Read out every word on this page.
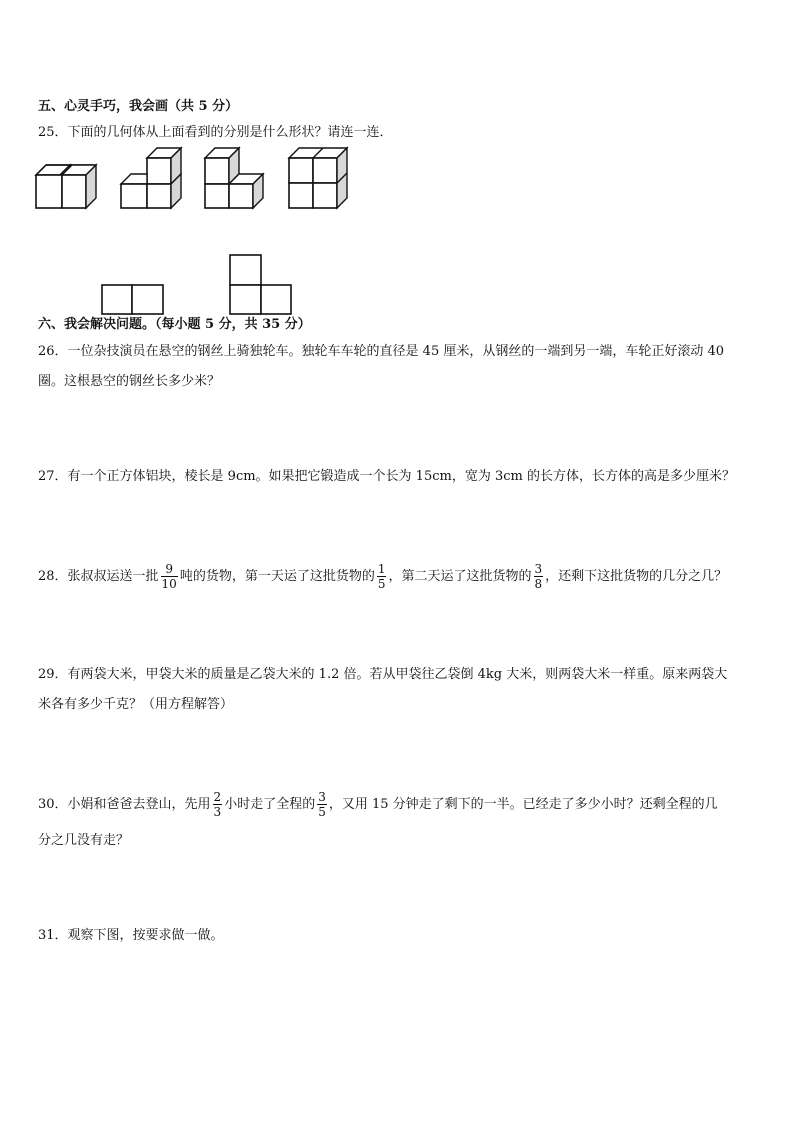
五、心灵手巧，我会画（共 5 分）
25．下面的几何体从上面看到的分别是什么形状？请连一连．
六、我会解决问题。（每小题 5 分，共 35 分）
26．一位杂技演员在悬空的钢丝上骑独轮车。独轮车车轮的直径是 45 厘米，从钢丝的一端到另一端，车轮正好滚动 40
圈。这根悬空的钢丝长多少米？
27．有一个正方体铝块，棱长是 9cm。如果把它锻造成一个长为 15cm，宽为 3cm 的长方体，长方体的高是多少厘米？
28．张叔叔运送一批 $\frac{9}{10}$ 吨的货物，第一天运了这批货物的 $\frac{1}{5}$ ，第二天运了这批货物的 $\frac{3}{8}$ ，还剩下这批货物的几分之几？
29．有两袋大米，甲袋大米的质量是乙袋大米的 1.2 倍。若从甲袋往乙袋倒 4kg 大米，则两袋大米一样重。原来两袋大
米各有多少千克？（用方程解答）
30．小娟和爸爸去登山，先用 $\frac{2}{3}$ 小时走了全程的 $\frac{3}{5}$ ，又用 15 分钟走了剩下的一半。已经走了多少小时？还剩全程的几
分之几没有走？
31．观察下图，按要求做一做。
